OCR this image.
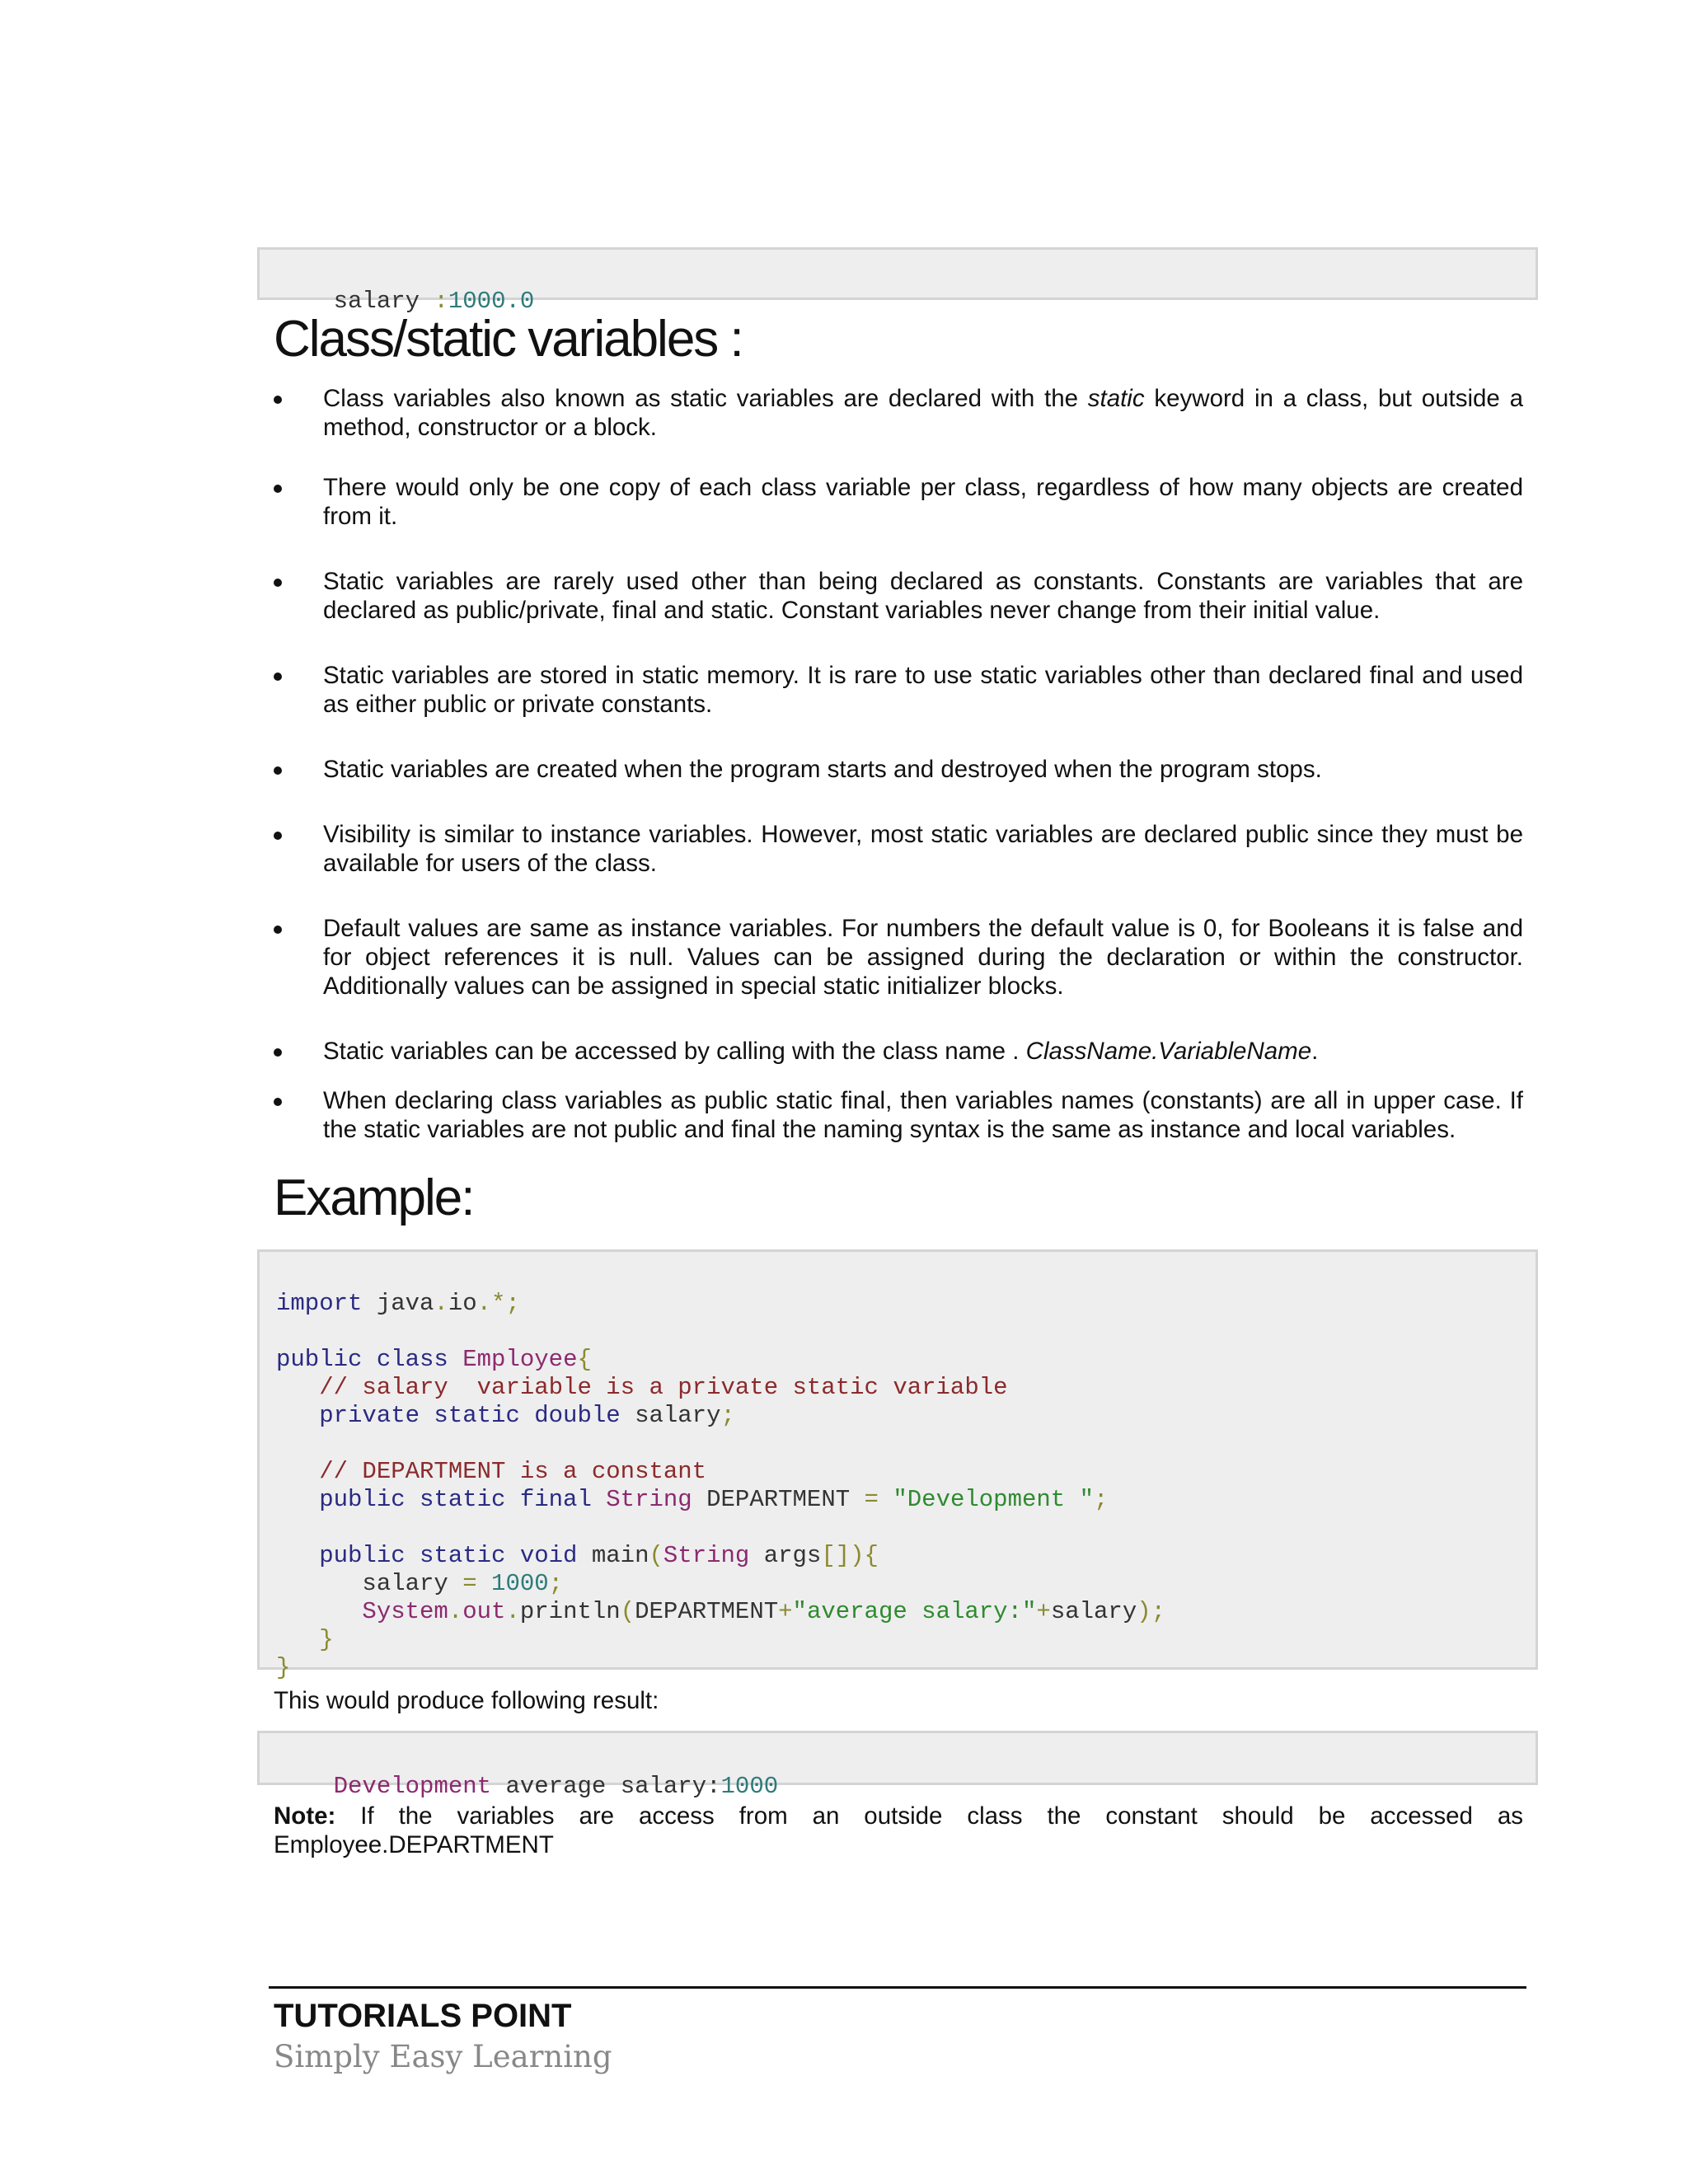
salary :1000.0

Class/static variables :
Class variables also known as static variables are declared with the static keyword in a class, but outside a method, constructor or a block.
There would only be one copy of each class variable per class, regardless of how many objects are created from it.
Static variables are rarely used other than being declared as constants. Constants are variables that are declared as public/private, final and static. Constant variables never change from their initial value.
Static variables are stored in static memory. It is rare to use static variables other than declared final and used as either public or private constants.
Static variables are created when the program starts and destroyed when the program stops.
Visibility is similar to instance variables. However, most static variables are declared public since they must be available for users of the class.
Default values are same as instance variables. For numbers the default value is 0, for Booleans it is false and for object references it is null. Values can be assigned during the declaration or within the constructor. Additionally values can be assigned in special static initializer blocks.
Static variables can be accessed by calling with the class name . ClassName.VariableName.
When declaring class variables as public static final, then variables names (constants) are all in upper case. If the static variables are not public and final the naming syntax is the same as instance and local variables.
Example:

import java.io.*;
public class Employee{
// salary  variable is a private static variable
private static double salary;
// DEPARTMENT is a constant
public static final String DEPARTMENT = "Development ";
public static void main(String args[]){
salary = 1000;
System.out.println(DEPARTMENT+"average salary:"+salary);
}
}

This would produce following result:

Development average salary:1000

Note: If the variables are access from an outside class the constant should be accessed as Employee.DEPARTMENT
TUTORIALS POINT
Simply Easy Learning
